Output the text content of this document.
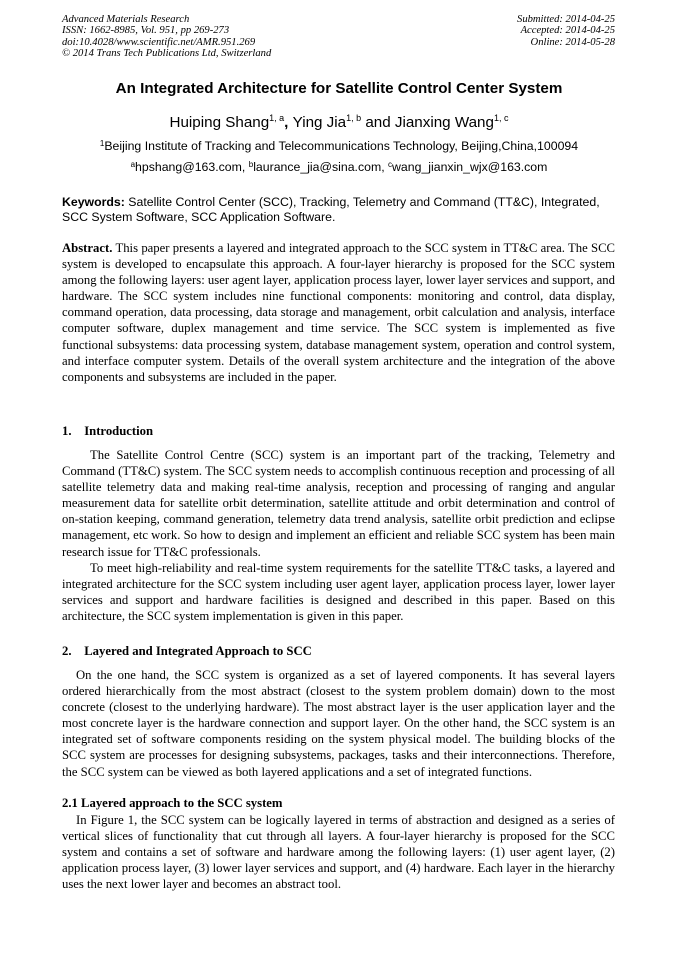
Advanced Materials Research
ISSN: 1662-8985, Vol. 951, pp 269-273
doi:10.4028/www.scientific.net/AMR.951.269
© 2014 Trans Tech Publications Ltd, Switzerland
Submitted: 2014-04-25
Accepted: 2014-04-25
Online: 2014-05-28
An Integrated Architecture for Satellite Control Center System
Huiping Shang$^{1, a}$, Ying Jia$^{1, b}$ and Jianxing Wang$^{1, c}$
$^1$Beijing Institute of Tracking and Telecommunications Technology, Beijing,China,100094
$^a$hpshang@163.com, $^b$laurance_jia@sina.com, $^c$wang_jianxin_wjx@163.com
Keywords: Satellite Control Center (SCC), Tracking, Telemetry and Command (TT&C), Integrated, SCC System Software, SCC Application Software.
Abstract. This paper presents a layered and integrated approach to the SCC system in TT&C area. The SCC system is developed to encapsulate this approach. A four-layer hierarchy is proposed for the SCC system among the following layers: user agent layer, application process layer, lower layer services and support, and hardware. The SCC system includes nine functional components: monitoring and control, data display, command operation, data processing, data storage and management, orbit calculation and analysis, interface computer software, duplex management and time service. The SCC system is implemented as five functional subsystems: data processing system, database management system, operation and control system, and interface computer system. Details of the overall system architecture and the integration of the above components and subsystems are included in the paper.
1.    Introduction
The Satellite Control Centre (SCC) system is an important part of the tracking, Telemetry and Command (TT&C) system. The SCC system needs to accomplish continuous reception and processing of all satellite telemetry data and making real-time analysis, reception and processing of ranging and angular measurement data for satellite orbit determination, satellite attitude and orbit determination and control of on-station keeping, command generation, telemetry data trend analysis, satellite orbit prediction and eclipse management, etc work. So how to design and implement an efficient and reliable SCC system has been main research issue for TT&C professionals.
To meet high-reliability and real-time system requirements for the satellite TT&C tasks, a layered and integrated architecture for the SCC system including user agent layer, application process layer, lower layer services and support and hardware facilities is designed and described in this paper. Based on this architecture, the SCC system implementation is given in this paper.
2.    Layered and Integrated Approach to SCC
On the one hand, the SCC system is organized as a set of layered components. It has several layers ordered hierarchically from the most abstract (closest to the system problem domain) down to the most concrete (closest to the underlying hardware). The most abstract layer is the user application layer and the most concrete layer is the hardware connection and support layer. On the other hand, the SCC system is an integrated set of software components residing on the system physical model. The building blocks of the SCC system are processes for designing subsystems, packages, tasks and their interconnections. Therefore, the SCC system can be viewed as both layered applications and a set of integrated functions.
2.1 Layered approach to the SCC system
In Figure 1, the SCC system can be logically layered in terms of abstraction and designed as a series of vertical slices of functionality that cut through all layers. A four-layer hierarchy is proposed for the SCC system and contains a set of software and hardware among the following layers: (1) user agent layer, (2) application process layer, (3) lower layer services and support, and (4) hardware. Each layer in the hierarchy uses the next lower layer and becomes an abstract tool.
